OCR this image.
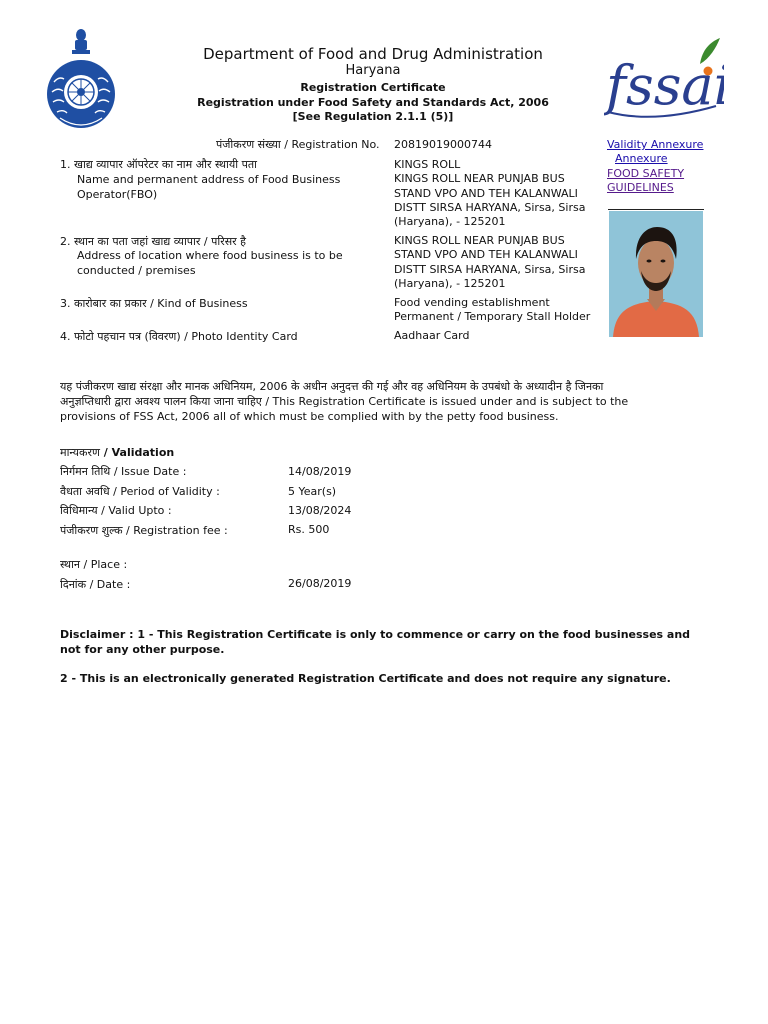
Department of Food and Drug Administration
Haryana
Registration Certificate
Registration under Food Safety and Standards Act, 2006
[See Regulation 2.1.1 (5)]	fssai
Validity Annexure
Annexure
FOOD SAFETY
GUIDELINES
पंजीकरण संख्या / Registration No. 20819019000744
1. खाद्य व्यापार ऑपरेटर का नाम और स्थायी पता
Name and permanent address of Food Business
Operator(FBO)
KINGS ROLL
KINGS ROLL NEAR PUNJAB BUS
STAND VPO AND TEH KALANWALI
DISTT SIRSA HARYANA, Sirsa, Sirsa
(Haryana), - 125201
2. स्थान का पता जहां खाद्य व्यापार / परिसर है
Address of location where food business is to be
conducted / premises
KINGS ROLL NEAR PUNJAB BUS
STAND VPO AND TEH KALANWALI
DISTT SIRSA HARYANA, Sirsa, Sirsa
(Haryana), - 125201
3. कारोबार का प्रकार / Kind of Business	Food vending establishment
Permanent / Temporary Stall Holder
4. फोटो पहचान पत्र (विवरण) / Photo Identity Card	Aadhaar Card
यह पंजीकरण खाद्य संरक्षा और मानक अधिनियम, 2006 के अधीन अनुदत्त की गई और वह अधिनियम के उपबंधो के अध्यादीन है जिनका
अनुज्ञप्तिधारी द्वारा अवश्य पालन किया जाना चाहिए / This Registration Certificate is issued under and is subject to the
provisions of FSS Act, 2006 all of which must be complied with by the petty food business.
मान्यकरण / Validation
निर्गमन तिथि / Issue Date :	14/08/2019
वैधता अवधि / Period of Validity :	5 Year(s)
विधिमान्य / Valid Upto :	13/08/2024
पंजीकरण शुल्क / Registration fee :	Rs. 500
स्थान / Place :
दिनांक / Date :	26/08/2019
Disclaimer : 1 - This Registration Certificate is only to commence or carry on the food businesses and
not for any other purpose.
2 - This is an electronically generated Registration Certificate and does not require any signature.
